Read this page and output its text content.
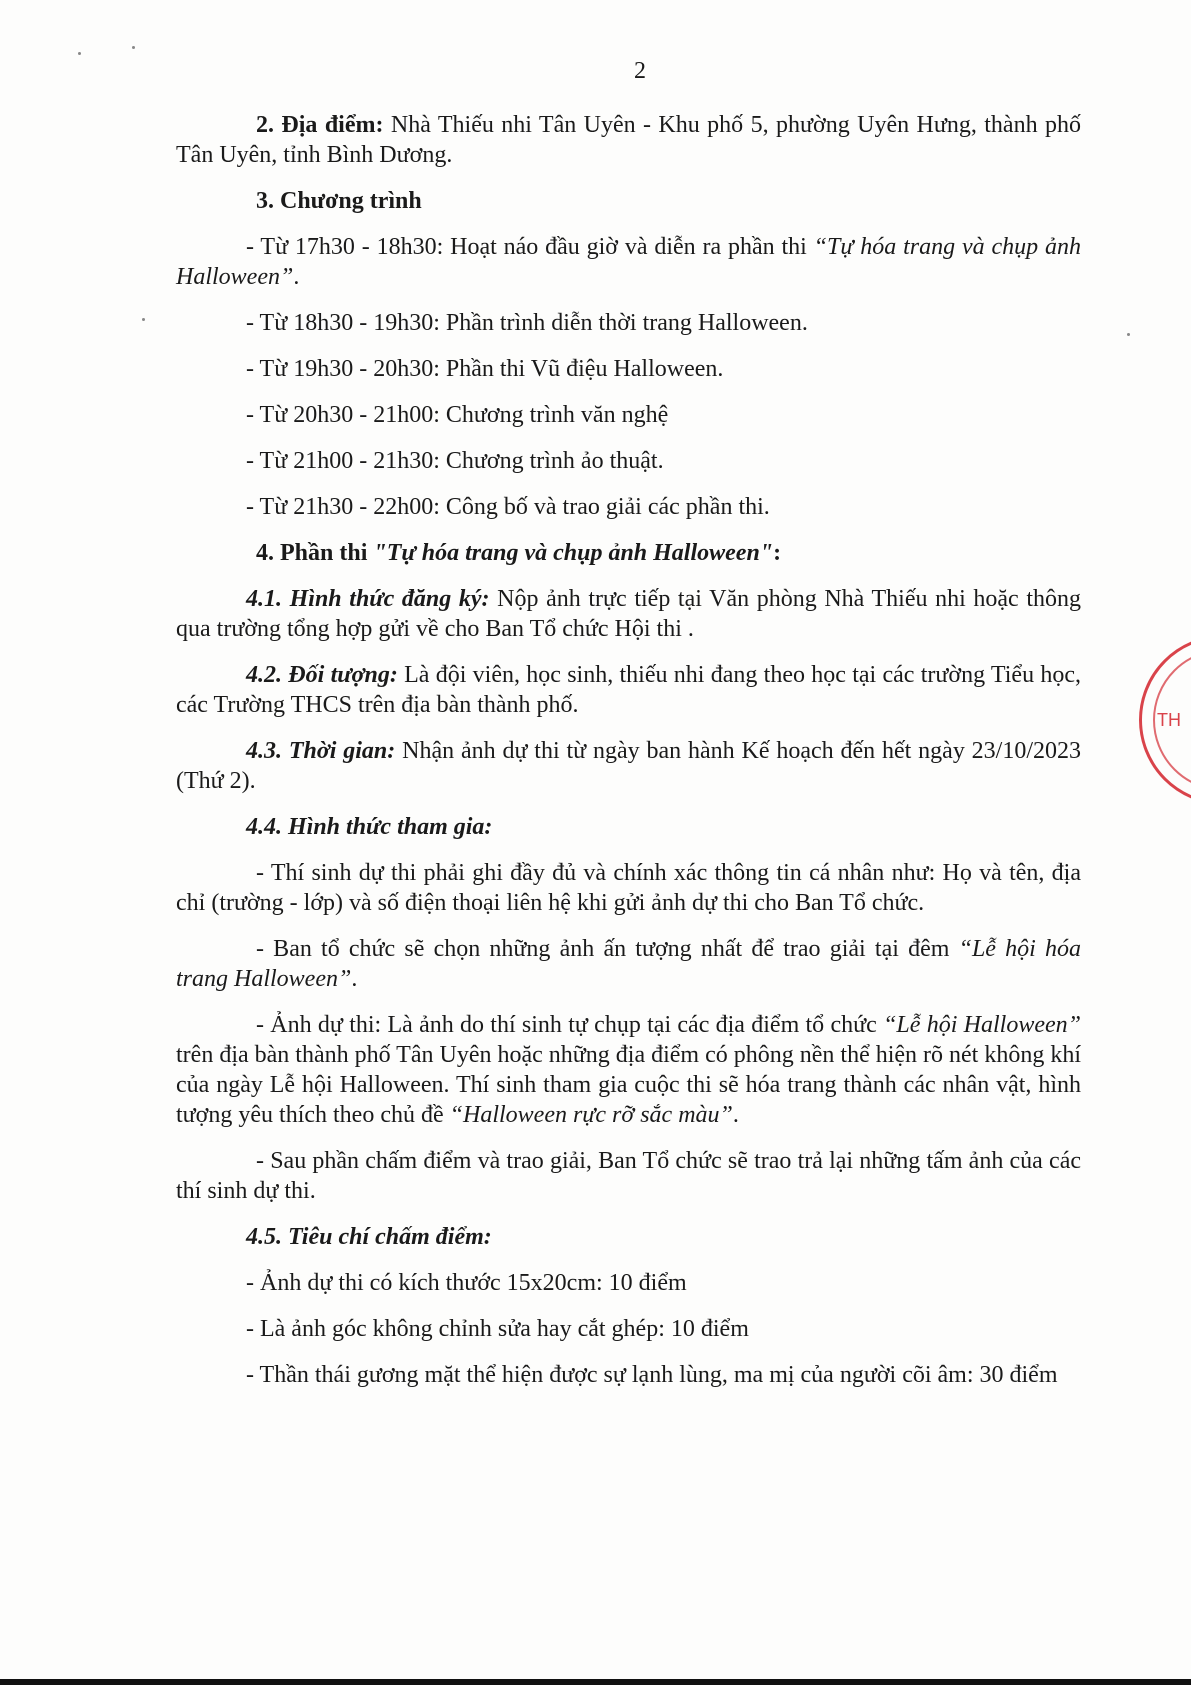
2

2. Địa điểm: Nhà Thiếu nhi Tân Uyên - Khu phố 5, phường Uyên Hưng, thành phố Tân Uyên, tỉnh Bình Dương.

3. Chương trình

- Từ 17h30 - 18h30: Hoạt náo đầu giờ và diễn ra phần thi “Tự hóa trang và chụp ảnh Halloween”.

- Từ 18h30 - 19h30: Phần trình diễn thời trang Halloween.

- Từ 19h30 - 20h30: Phần thi Vũ điệu Halloween.

- Từ 20h30 - 21h00: Chương trình văn nghệ

- Từ 21h00 - 21h30: Chương trình ảo thuật.

- Từ 21h30 - 22h00: Công bố và trao giải các phần thi.

4. Phần thi "Tự hóa trang và chụp ảnh Halloween":

4.1. Hình thức đăng ký: Nộp ảnh trực tiếp tại Văn phòng Nhà Thiếu nhi hoặc thông qua trường tổng hợp gửi về cho Ban Tổ chức Hội thi .

4.2. Đối tượng: Là đội viên, học sinh, thiếu nhi đang theo học tại các trường Tiểu học, các Trường THCS trên địa bàn thành phố.

4.3. Thời gian: Nhận ảnh dự thi từ ngày ban hành Kế hoạch đến hết ngày 23/10/2023 (Thứ 2).

4.4. Hình thức tham gia:

- Thí sinh dự thi phải ghi đầy đủ và chính xác thông tin cá nhân như: Họ và tên, địa chỉ (trường - lớp) và số điện thoại liên hệ khi gửi ảnh dự thi cho Ban Tổ chức.

- Ban tổ chức sẽ chọn những ảnh ấn tượng nhất để trao giải tại đêm “Lễ hội hóa trang Halloween”.

- Ảnh dự thi: Là ảnh do thí sinh tự chụp tại các địa điểm tổ chức “Lễ hội Halloween” trên địa bàn thành phố Tân Uyên hoặc những địa điểm có phông nền thể hiện rõ nét không khí của ngày Lễ hội Halloween. Thí sinh tham gia cuộc thi sẽ hóa trang thành các nhân vật, hình tượng yêu thích theo chủ đề “Halloween rực rỡ sắc màu”.

- Sau phần chấm điểm và trao giải, Ban Tổ chức sẽ trao trả lại những tấm ảnh của các thí sinh dự thi.

4.5. Tiêu chí chấm điểm:

- Ảnh dự thi có kích thước 15x20cm: 10 điểm

- Là ảnh góc không chỉnh sửa hay cắt ghép: 10 điểm

- Thần thái gương mặt thể hiện được sự lạnh lùng, ma mị của người cõi âm: 30 điểm

TH
